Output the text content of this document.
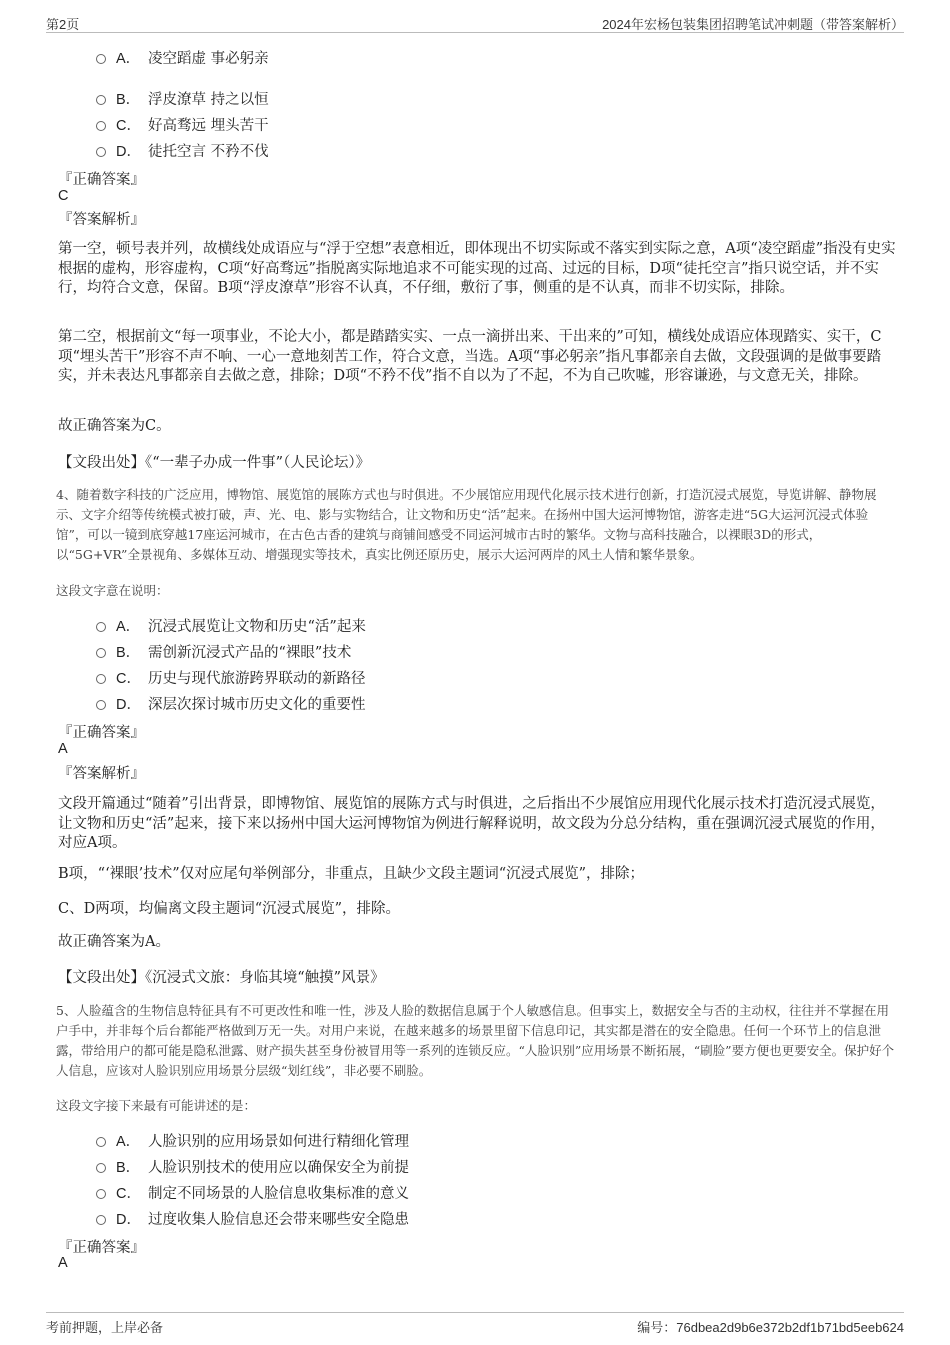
第2页	2024年宏杨包装集团招聘笔试冲刺题（带答案解析）
A． 凌空蹈虚 事必躬亲
B． 浮皮潦草 持之以恒
C． 好高骛远 埋头苦干
D． 徒托空言 不矜不伐
『正确答案』
C
『答案解析』
第一空，顿号表并列，故横线处成语应与“浮于空想”表意相近，即体现出不切实际或不落实到实际之意，A项“凌空蹈虚”指没有史实根据的虚构，形容虚构，C项“好高骛远”指脱离实际地追求不可能实现的过高、过远的目标，D项“徒托空言”指只说空话，并不实行，均符合文意，保留。B项“浮皮潦草”形容不认真，不仔细，敷衍了事，侧重的是不认真，而非不切实际，排除。
第二空，根据前文“每一项事业，不论大小，都是踏踏实实、一点一滴拼出来、干出来的”可知，横线处成语应体现踏实、实干，C项“埋头苦干”形容不声不响、一心一意地刻苦工作，符合文意，当选。A项“事必躬亲”指凡事都亲自去做，文段强调的是做事要踏实，并未表达凡事都亲自去做之意，排除；D项“不矜不伐”指不自以为了不起，不为自己吹嘘，形容谦逊，与文意无关，排除。
故正确答案为C。
【文段出处】《“一辈子办成一件事”（人民论坛）》
4、随着数字科技的广泛应用，博物馆、展览馆的展陈方式也与时俱进。不少展馆应用现代化展示技术进行创新，打造沉浸式展览，导览讲解、静物展示、文字介绍等传统模式被打破，声、光、电、影与实物结合，让文物和历史“活”起来。在扬州中国大运河博物馆，游客走进“5G大运河沉浸式体验馆”，可以一镜到底穿越17座运河城市，在古色古香的建筑与商铺间感受不同运河城市古时的繁华。文物与高科技融合，以裸眼3D的形式，以“5G+VR”全景视角、多媒体互动、增强现实等技术，真实比例还原历史，展示大运河两岸的风土人情和繁华景象。
这段文字意在说明：
A． 沉浸式展览让文物和历史“活”起来
B． 需创新沉浸式产品的“裸眼”技术
C． 历史与现代旅游跨界联动的新路径
D． 深层次探讨城市历史文化的重要性
『正确答案』
A
『答案解析』
文段开篇通过“随着”引出背景，即博物馆、展览馆的展陈方式与时俱进，之后指出不少展馆应用现代化展示技术打造沉浸式展览，让文物和历史“活”起来，接下来以扬州中国大运河博物馆为例进行解释说明，故文段为分总分结构，重在强调沉浸式展览的作用，对应A项。
B项，“‘裸眼’技术”仅对应尾句举例部分，非重点，且缺少文段主题词“沉浸式展览”，排除；
C、D两项，均偏离文段主题词“沉浸式展览”，排除。
故正确答案为A。
【文段出处】《沉浸式文旅：身临其境“触摸”风景》
5、人脸蕴含的生物信息特征具有不可更改性和唯一性，涉及人脸的数据信息属于个人敏感信息。但事实上，数据安全与否的主动权，往往并不掌握在用户手中，并非每个后台都能严格做到万无一失。对用户来说，在越来越多的场景里留下信息印记，其实都是潜在的安全隐患。任何一个环节上的信息泄露，带给用户的都可能是隐私泄露、财产损失甚至身份被冒用等一系列的连锁反应。“人脸识别”应用场景不断拓展，“刷脸”要方便也更要安全。保护好个人信息，应该对人脸识别应用场景分层级“划红线”，非必要不刷脸。
这段文字接下来最有可能讲述的是：
A． 人脸识别的应用场景如何进行精细化管理
B． 人脸识别技术的使用应以确保安全为前提
C． 制定不同场景的人脸信息收集标准的意义
D． 过度收集人脸信息还会带来哪些安全隐患
『正确答案』
A
考前押题，上岸必备	编号：76dbea2d9b6e372b2df1b71bd5eeb624
